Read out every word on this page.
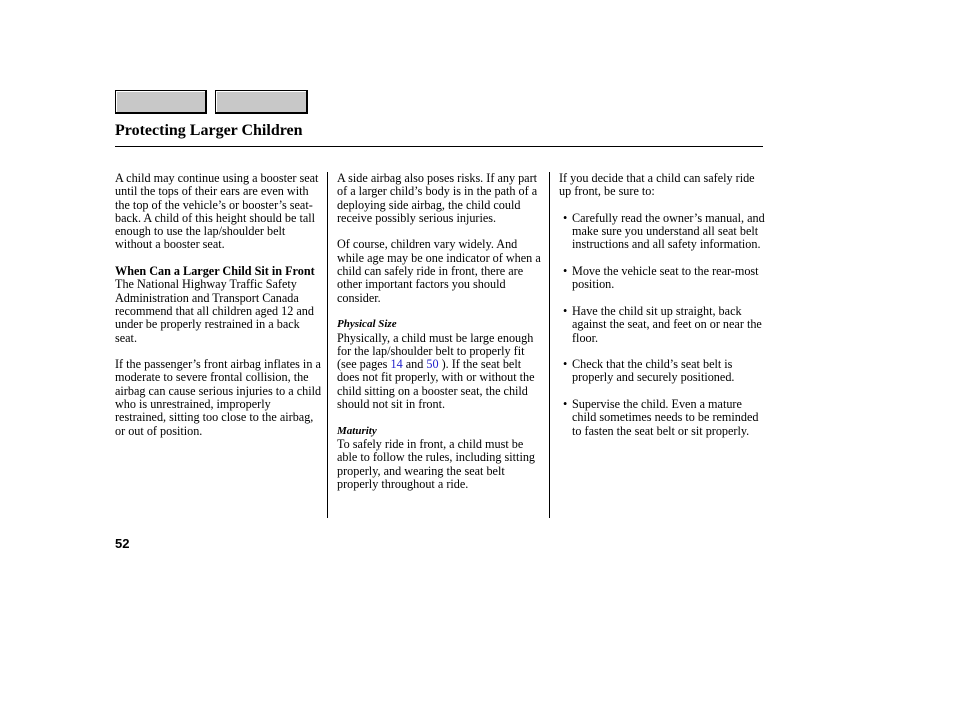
Protecting Larger Children

A child may continue using a booster seat until the tops of their ears are even with the top of the vehicle’s or booster’s seat-back. A child of this height should be tall enough to use the lap/shoulder belt without a booster seat.

When Can a Larger Child Sit in Front

The National Highway Traffic Safety Administration and Transport Canada recommend that all children aged 12 and under be properly restrained in a back seat.

If the passenger’s front airbag inflates in a moderate to severe frontal collision, the airbag can cause serious injuries to a child who is unrestrained, improperly restrained, sitting too close to the airbag, or out of position.

A side airbag also poses risks. If any part of a larger child’s body is in the path of a deploying side airbag, the child could receive possibly serious injuries.

Of course, children vary widely. And while age may be one indicator of when a child can safely ride in front, there are other important factors you should consider.

Physical Size

Physically, a child must be large enough for the lap/shoulder belt to properly fit (see pages 14 and 50 ). If the seat belt does not fit properly, with or without the child sitting on a booster seat, the child should not sit in front.

Maturity

To safely ride in front, a child must be able to follow the rules, including sitting properly, and wearing the seat belt properly throughout a ride.

If you decide that a child can safely ride up front, be sure to:

• Carefully read the owner’s manual, and make sure you understand all seat belt instructions and all safety information.
• Move the vehicle seat to the rear-most position.
• Have the child sit up straight, back against the seat, and feet on or near the floor.
• Check that the child’s seat belt is properly and securely positioned.
• Supervise the child. Even a mature child sometimes needs to be reminded to fasten the seat belt or sit properly.
52
